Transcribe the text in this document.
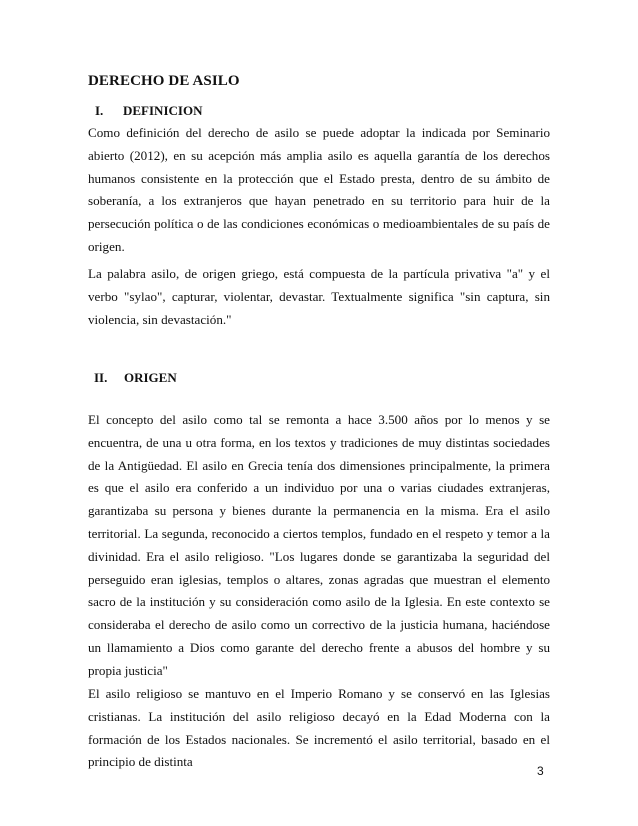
DERECHO DE ASILO
I. DEFINICION

Como definición del derecho de asilo se puede adoptar la indicada por Seminario abierto (2012), en su acepción más amplia asilo es aquella garantía de los derechos humanos consistente en la protección que el Estado presta, dentro de su ámbito de soberanía, a los extranjeros que hayan penetrado en su territorio para huir de la persecución política o de las condiciones económicas o medioambientales de su país de origen.

La palabra asilo, de origen griego, está compuesta de la partícula privativa "a" y el verbo "sylao", capturar, violentar, devastar. Textualmente significa "sin captura, sin violencia, sin devastación."

II. ORIGEN

El concepto del asilo como tal se remonta a hace 3.500 años por lo menos y se encuentra, de una u otra forma, en los textos y tradiciones de muy distintas sociedades de la Antigüedad. El asilo en Grecia tenía dos dimensiones principalmente, la primera es que el asilo era conferido a un individuo por una o varias ciudades extranjeras, garantizaba su persona y bienes durante la permanencia en la misma. Era el asilo territorial. La segunda, reconocido a ciertos templos, fundado en el respeto y temor a la divinidad. Era el asilo religioso. "Los lugares donde se garantizaba la seguridad del perseguido eran iglesias, templos o altares, zonas agradas que muestran el elemento sacro de la institución y su consideración como asilo de la Iglesia. En este contexto se consideraba el derecho de asilo como un correctivo de la justicia humana, haciéndose un llamamiento a Dios como garante del derecho frente a abusos del hombre y su propia justicia"

El asilo religioso se mantuvo en el Imperio Romano y se conservó en las Iglesias cristianas. La institución del asilo religioso decayó en la Edad Moderna con la formación de los Estados nacionales. Se incrementó el asilo territorial, basado en el principio de distinta

3
